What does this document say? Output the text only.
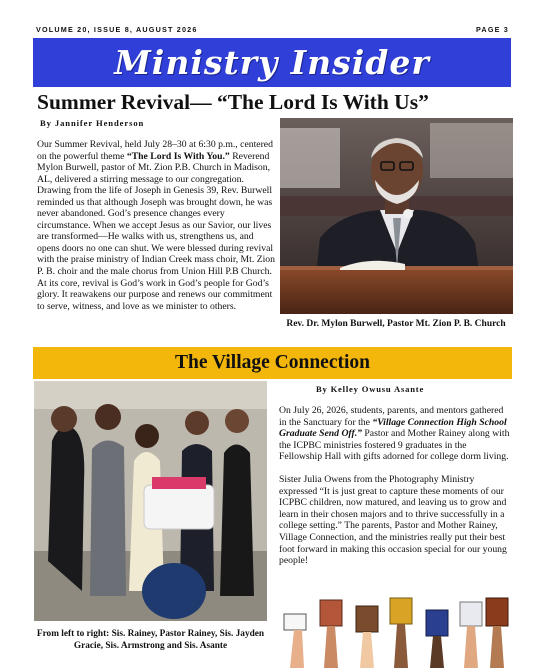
VOLUME 20, ISSUE 8, AUGUST 2026	PAGE 3
Ministry Insider
Summer Revival— “The Lord Is With Us”
By Jannifer Henderson
Our Summer Revival, held July 28–30 at 6:30 p.m., centered on the powerful theme “The Lord Is With You.” Reverend Mylon Burwell, pastor of Mt. Zion P.B. Church in Madison, AL, delivered a stirring message to our congregation. Drawing from the life of Joseph in Genesis 39, Rev. Burwell reminded us that although Joseph was brought down, he was never abandoned. God’s presence changes every circumstance. When we accept Jesus as our Savior, our lives are transformed—He walks with us, strengthens us, and opens doors no one can shut. We were blessed during revival with the praise ministry of Indian Creek mass choir, Mt. Zion P. B. choir and the male chorus from Union Hill P.B Church. At its core, revival is God’s work in God’s people for God’s glory. It reawakens our purpose and renews our commitment to serve, witness, and love as we minister to others.
Rev. Dr. Mylon Burwell, Pastor Mt. Zion P. B. Church
The Village Connection
From left to right: Sis. Rainey, Pastor Rainey, Sis. Jayden Gracie, Sis. Armstrong and Sis. Asante
By Kelley Owusu Asante

On July 26, 2026, students, parents, and mentors gathered in the Sanctuary for the “Village Connection High School Graduate Send Off.” Pastor and Mother Rainey along with the ICPBC ministries fostered 9 graduates in the Fellowship Hall with gifts adorned for college dorm living.

Sister Julia Owens from the Photography Ministry expressed “It is just great to capture these moments of our ICPBC children, now matured, and leaving us to grow and learn in their chosen majors and to thrive successfully in a college setting.” The parents, Pastor and Mother Rainey, Village Connection, and the ministries really put their best foot forward in making this occasion special for our young people!
